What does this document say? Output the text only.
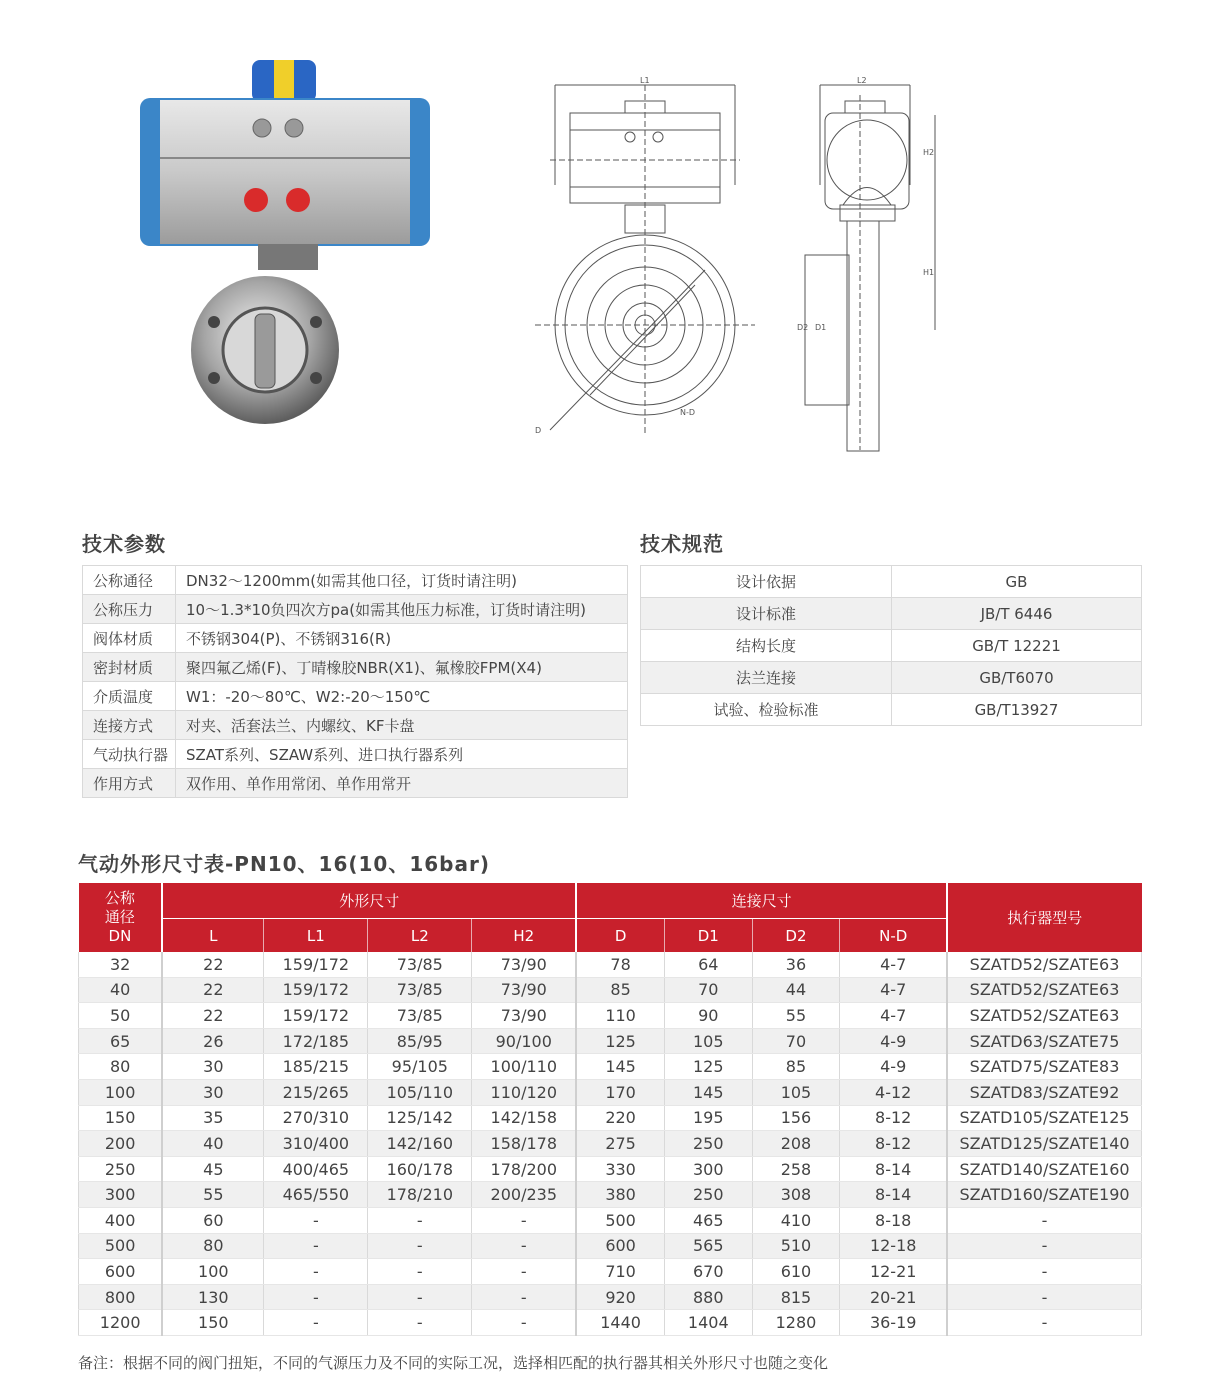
D
N-D
L1	L2
H2
H1
D2 D1
技术参数	技术规范
公称通径	DN32～1200mm(如需其他口径，订货时请注明)
公称压力	10～1.3*10负四次方pa(如需其他压力标准，订货时请注明)
阀体材质	不锈钢304(P)、不锈钢316(R)
密封材质	聚四氟乙烯(F)、丁晴橡胶NBR(X1)、氟橡胶FPM(X4)
介质温度	W1：-20～80℃、W2:-20～150℃
连接方式	对夹、活套法兰、内螺纹、KF卡盘
气动执行器	SZAT系列、SZAW系列、进口执行器系列
作用方式	双作用、单作用常闭、单作用常开
设计依据	GB
设计标准	JB/T 6446
结构长度	GB/T 12221
法兰连接	GB/T6070
试验、检验标准	GB/T13927
气动外形尺寸表-PN10、16(10、16bar)
公称
通径
DN	外形尺寸				连接尺寸				执行器型号
	L	L1	L2	H2	D	D1	D2	N-D	
32	22	159/172	73/85	73/90	78	64	36	4-7	SZATD52/SZATE63
40	22	159/172	73/85	73/90	85	70	44	4-7	SZATD52/SZATE63
50	22	159/172	73/85	73/90	110	90	55	4-7	SZATD52/SZATE63
65	26	172/185	85/95	90/100	125	105	70	4-9	SZATD63/SZATE75
80	30	185/215	95/105	100/110	145	125	85	4-9	SZATD75/SZATE83
100	30	215/265	105/110	110/120	170	145	105	4-12	SZATD83/SZATE92
150	35	270/310	125/142	142/158	220	195	156	8-12	SZATD105/SZATE125
200	40	310/400	142/160	158/178	275	250	208	8-12	SZATD125/SZATE140
250	45	400/465	160/178	178/200	330	300	258	8-14	SZATD140/SZATE160
300	55	465/550	178/210	200/235	380	250	308	8-14	SZATD160/SZATE190
400	60	-	-	-	500	465	410	8-18	-
500	80	-	-	-	600	565	510	12-18	-
600	100	-	-	-	710	670	610	12-21	-
800	130	-	-	-	920	880	815	20-21	-
1200	150	-	-	-	1440	1404	1280	36-19	-
备注：根据不同的阀门扭矩，不同的气源压力及不同的实际工况，选择相匹配的执行器其相关外形尺寸也随之变化
